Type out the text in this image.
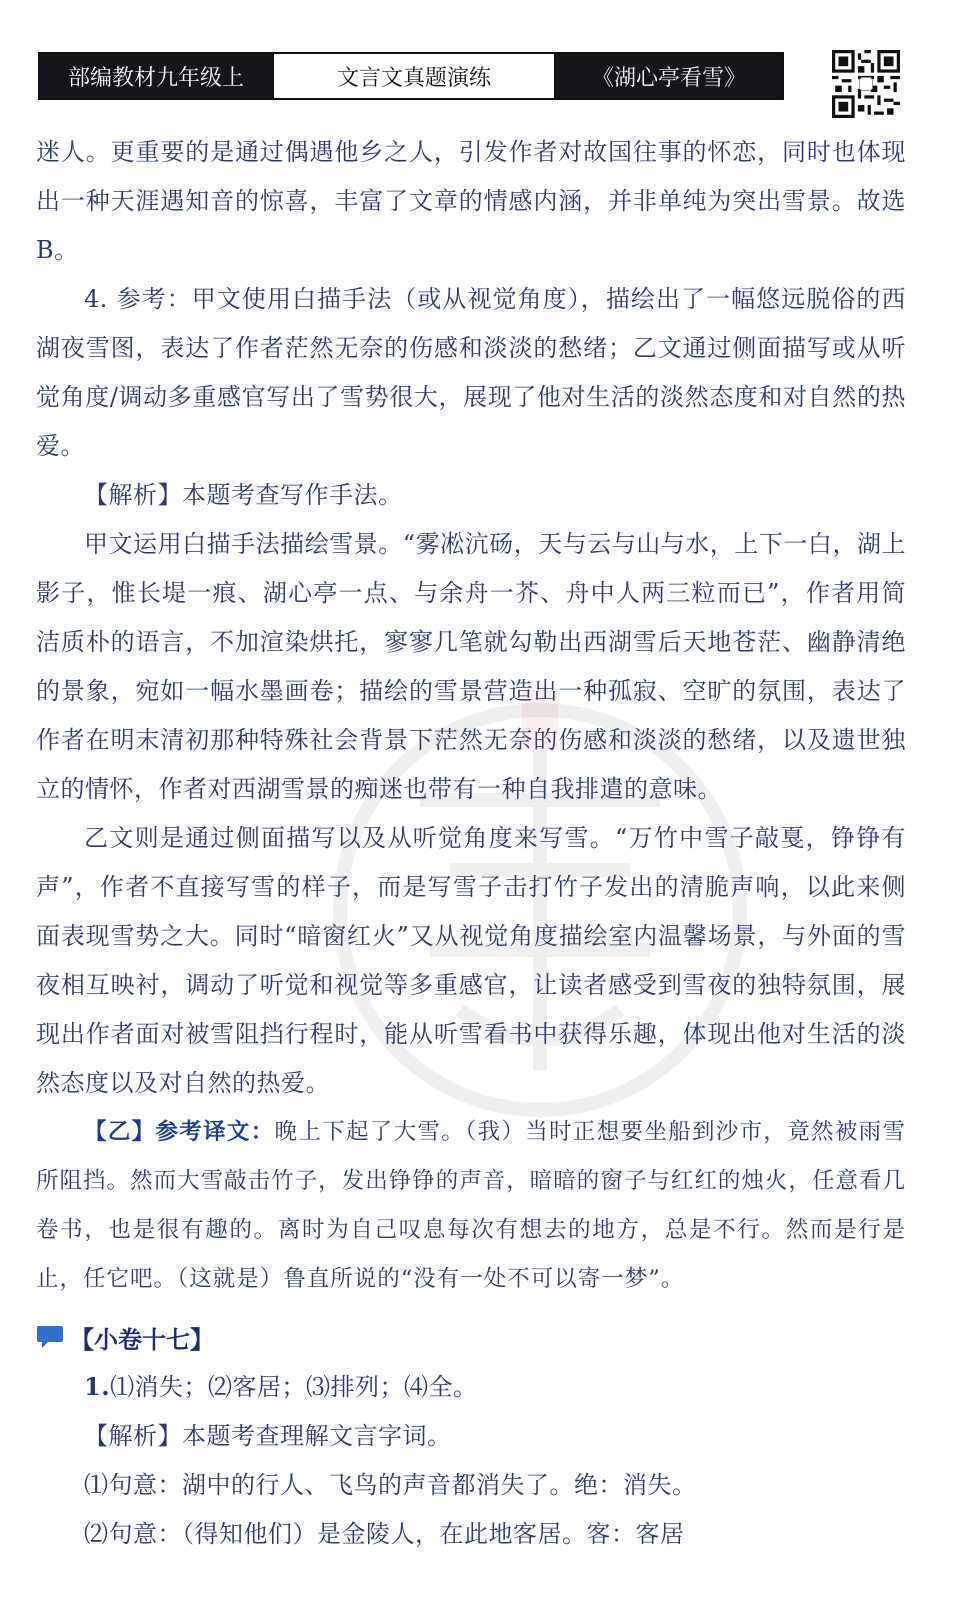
部编教材九年级上	文言文真题演练	《湖心亭看雪》

迷人。更重要的是通过偶遇他乡之人，引发作者对故国往事的怀恋，同时也体现出一种天涯遇知音的惊喜，丰富了文章的情感内涵，并非单纯为突出雪景。故选B。

4. 参考：甲文使用白描手法（或从视觉角度），描绘出了一幅悠远脱俗的西湖夜雪图，表达了作者茫然无奈的伤感和淡淡的愁绪；乙文通过侧面描写或从听觉角度/调动多重感官写出了雪势很大，展现了他对生活的淡然态度和对自然的热爱。

【解析】本题考查写作手法。

甲文运用白描手法描绘雪景。“雾凇沆砀，天与云与山与水，上下一白，湖上影子，惟长堤一痕、湖心亭一点、与余舟一芥、舟中人两三粒而已”，作者用简洁质朴的语言，不加渲染烘托，寥寥几笔就勾勒出西湖雪后天地苍茫、幽静清绝的景象，宛如一幅水墨画卷；描绘的雪景营造出一种孤寂、空旷的氛围，表达了作者在明末清初那种特殊社会背景下茫然无奈的伤感和淡淡的愁绪，以及遗世独立的情怀，作者对西湖雪景的痴迷也带有一种自我排遣的意味。

乙文则是通过侧面描写以及从听觉角度来写雪。“万竹中雪子敲戛，铮铮有声”，作者不直接写雪的样子，而是写雪子击打竹子发出的清脆声响，以此来侧面表现雪势之大。同时“暗窗红火”又从视觉角度描绘室内温馨场景，与外面的雪夜相互映衬，调动了听觉和视觉等多重感官，让读者感受到雪夜的独特氛围，展现出作者面对被雪阻挡行程时，能从听雪看书中获得乐趣，体现出他对生活的淡然态度以及对自然的热爱。

【乙】参考译文：晚上下起了大雪。（我）当时正想要坐船到沙市，竟然被雨雪所阻挡。然而大雪敲击竹子，发出铮铮的声音，暗暗的窗子与红红的烛火，任意看几卷书，也是很有趣的。离时为自己叹息每次有想去的地方，总是不行。然而是行是止，任它吧。（这就是）鲁直所说的“没有一处不可以寄一梦”。

【小卷十七】

1.⑴消失；⑵客居；⑶排列；⑷全。

【解析】本题考查理解文言字词。

⑴句意：湖中的行人、飞鸟的声音都消失了。绝：消失。

⑵句意：（得知他们）是金陵人，在此地客居。客：客居
